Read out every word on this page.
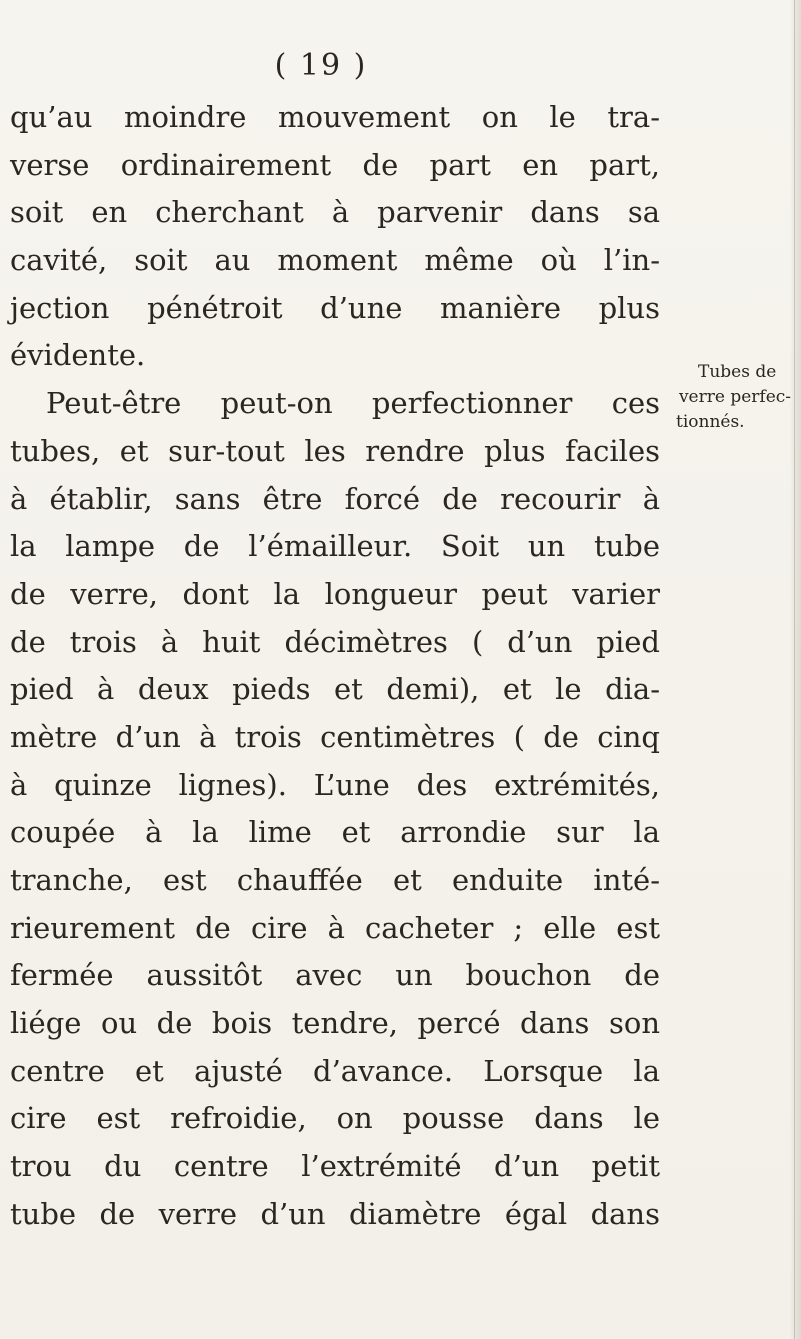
( 19 )
qu’au moindre mouvement on le tra-
verse ordinairement de part en part,
soit en cherchant à parvenir dans sa
cavité, soit au moment même où l’in-
jection pénétroit d’une manière plus
évidente.
Peut-être peut-on perfectionner ces
tubes, et sur-tout les rendre plus faciles
à établir, sans être forcé de recourir à
la lampe de l’émailleur. Soit un tube
de verre, dont la longueur peut varier
de trois à huit décimètres ( d’un pied
pied à deux pieds et demi), et le dia-
mètre d’un à trois centimètres ( de cinq
à quinze lignes). L’une des extrémités,
coupée à la lime et arrondie sur la
tranche, est chauffée et enduite inté-
rieurement de cire à cacheter ; elle est
fermée aussitôt avec un bouchon de
liége ou de bois tendre, percé dans son
centre et ajusté d’avance. Lorsque la
cire est refroidie, on pousse dans le
trou du centre l’extrémité d’un petit
tube de verre d’un diamètre égal dans
Tubes de
verre perfec-
tionnés.
